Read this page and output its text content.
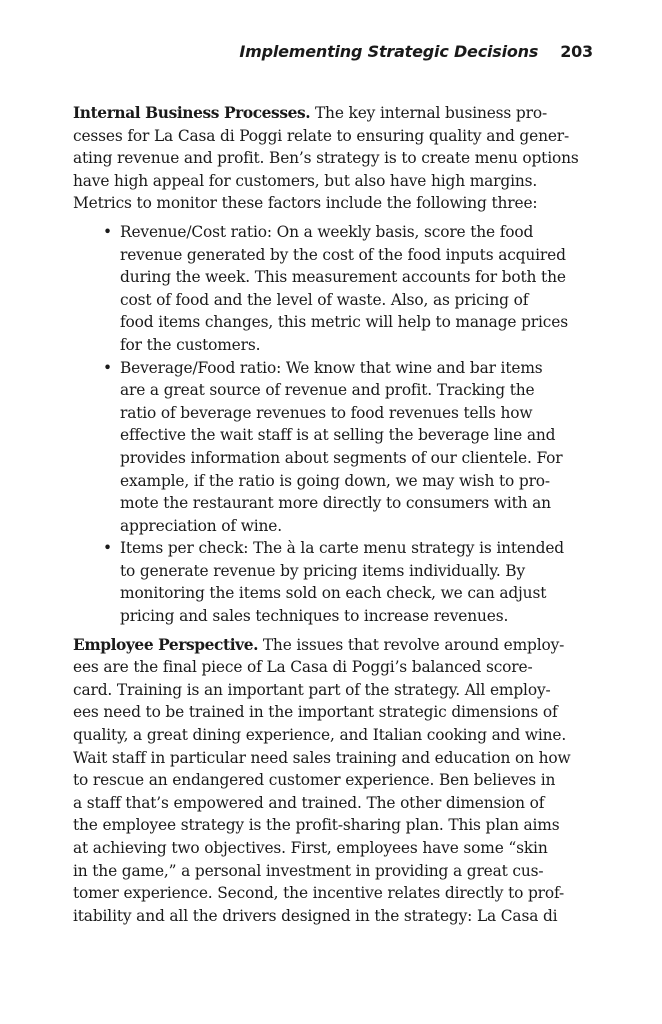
Implementing Strategic Decisions 203
Internal Business Processes. The key internal business pro-
cesses for La Casa di Poggi relate to ensuring quality and gener-
ating revenue and profit. Ben’s strategy is to create menu options
have high appeal for customers, but also have high margins.
Metrics to monitor these factors include the following three:
• Revenue/Cost ratio: On a weekly basis, score the food
revenue generated by the cost of the food inputs acquired
during the week. This measurement accounts for both the
cost of food and the level of waste. Also, as pricing of
food items changes, this metric will help to manage prices
for the customers.
• Beverage/Food ratio: We know that wine and bar items
are a great source of revenue and profit. Tracking the
ratio of beverage revenues to food revenues tells how
effective the wait staff is at selling the beverage line and
provides information about segments of our clientele. For
example, if the ratio is going down, we may wish to pro-
mote the restaurant more directly to consumers with an
appreciation of wine.
• Items per check: The à la carte menu strategy is intended
to generate revenue by pricing items individually. By
monitoring the items sold on each check, we can adjust
pricing and sales techniques to increase revenues.
Employee Perspective. The issues that revolve around employ-
ees are the final piece of La Casa di Poggi’s balanced score-
card. Training is an important part of the strategy. All employ-
ees need to be trained in the important strategic dimensions of
quality, a great dining experience, and Italian cooking and wine.
Wait staff in particular need sales training and education on how
to rescue an endangered customer experience. Ben believes in
a staff that’s empowered and trained. The other dimension of
the employee strategy is the profit-sharing plan. This plan aims
at achieving two objectives. First, employees have some “skin
in the game,” a personal investment in providing a great cus-
tomer experience. Second, the incentive relates directly to prof-
itability and all the drivers designed in the strategy: La Casa di
